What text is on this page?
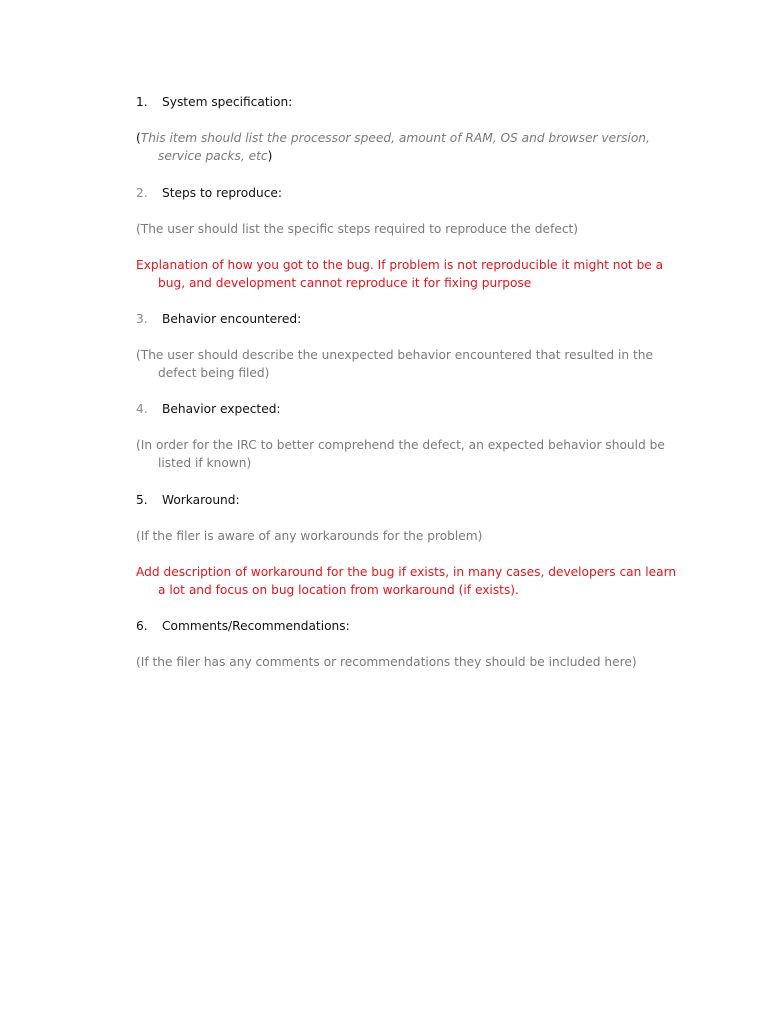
1. System specification:
(This item should list the processor speed, amount of RAM, OS and browser version,
service packs, etc)
2. Steps to reproduce:
(The user should list the specific steps required to reproduce the defect)
Explanation of how you got to the bug. If problem is not reproducible it might not be a
bug, and development cannot reproduce it for fixing purpose
3. Behavior encountered:
(The user should describe the unexpected behavior encountered that resulted in the
defect being filed)
4. Behavior expected:
(In order for the IRC to better comprehend the defect, an expected behavior should be
listed if known)
5. Workaround:
(If the filer is aware of any workarounds for the problem)
Add description of workaround for the bug if exists, in many cases, developers can learn
a lot and focus on bug location from workaround (if exists).
6. Comments/Recommendations:
(If the filer has any comments or recommendations they should be included here)
